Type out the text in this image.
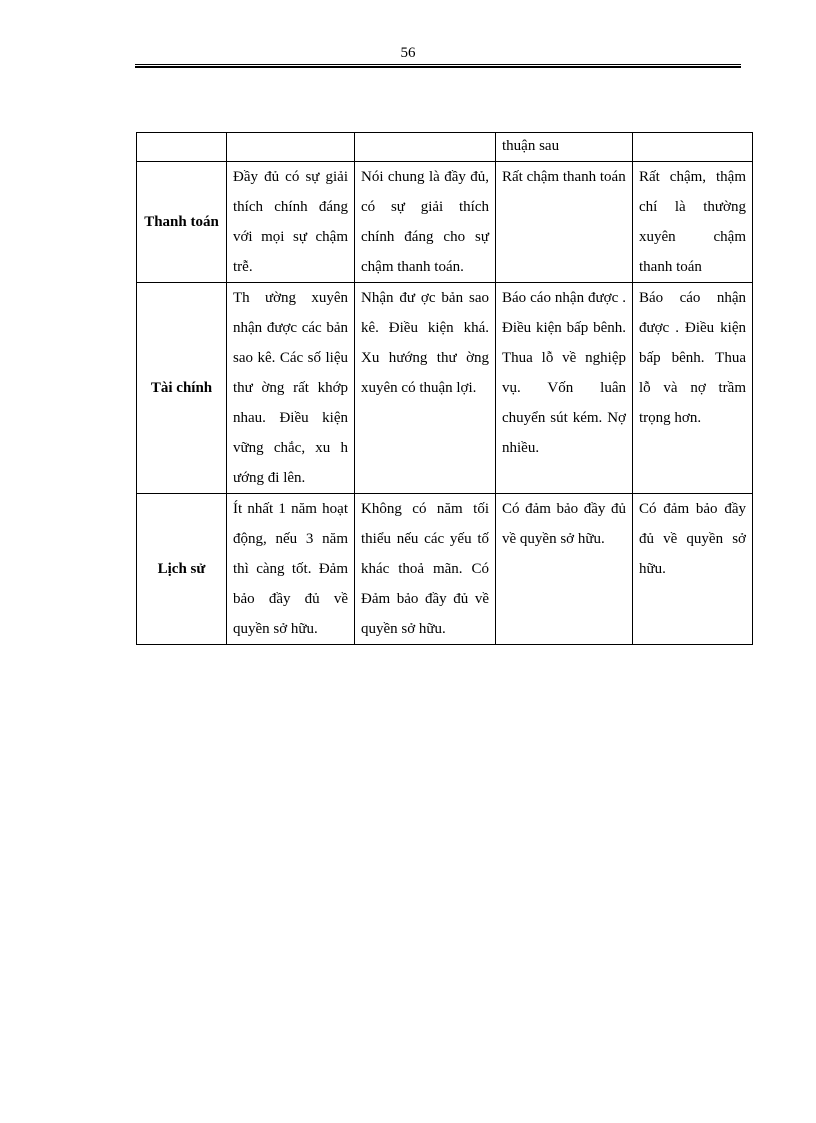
56
			thuận sau	
Thanh toán	Đầy đủ có sự giải thích chính đáng với mọi sự chậm trễ.	Nói chung là đầy đủ, có sự giải thích chính đáng cho sự chậm thanh toán.	Rất chậm thanh toán	Rất chậm, thậm chí là thường xuyên chậm thanh toán
Tài chính	Th ường xuyên nhận được các bản sao kê. Các số liệu thư ờng rất khớp nhau. Điều kiện vững chắc, xu h ướng đi lên.	Nhận đư ợc bản sao kê. Điều kiện khá. Xu hướng thư ờng xuyên có thuận lợi.	Báo cáo nhận được . Điều kiện bấp bênh. Thua lỗ về nghiệp vụ. Vốn luân chuyển sút kém. Nợ nhiều.	Báo cáo nhận được . Điều kiện bấp bênh. Thua lỗ và nợ trầm trọng hơn.
Lịch sử	Ít nhất 1 năm hoạt động, nếu 3 năm thì càng tốt. Đảm bảo đầy đủ về quyền sở hữu.	Không có năm tối thiểu nếu các yếu tố khác thoả mãn. Có Đảm bảo đầy đủ về quyền sở hữu.	Có đảm bảo đầy đủ về quyền sở hữu.	Có đảm bảo đầy đủ về quyền sở hữu.
